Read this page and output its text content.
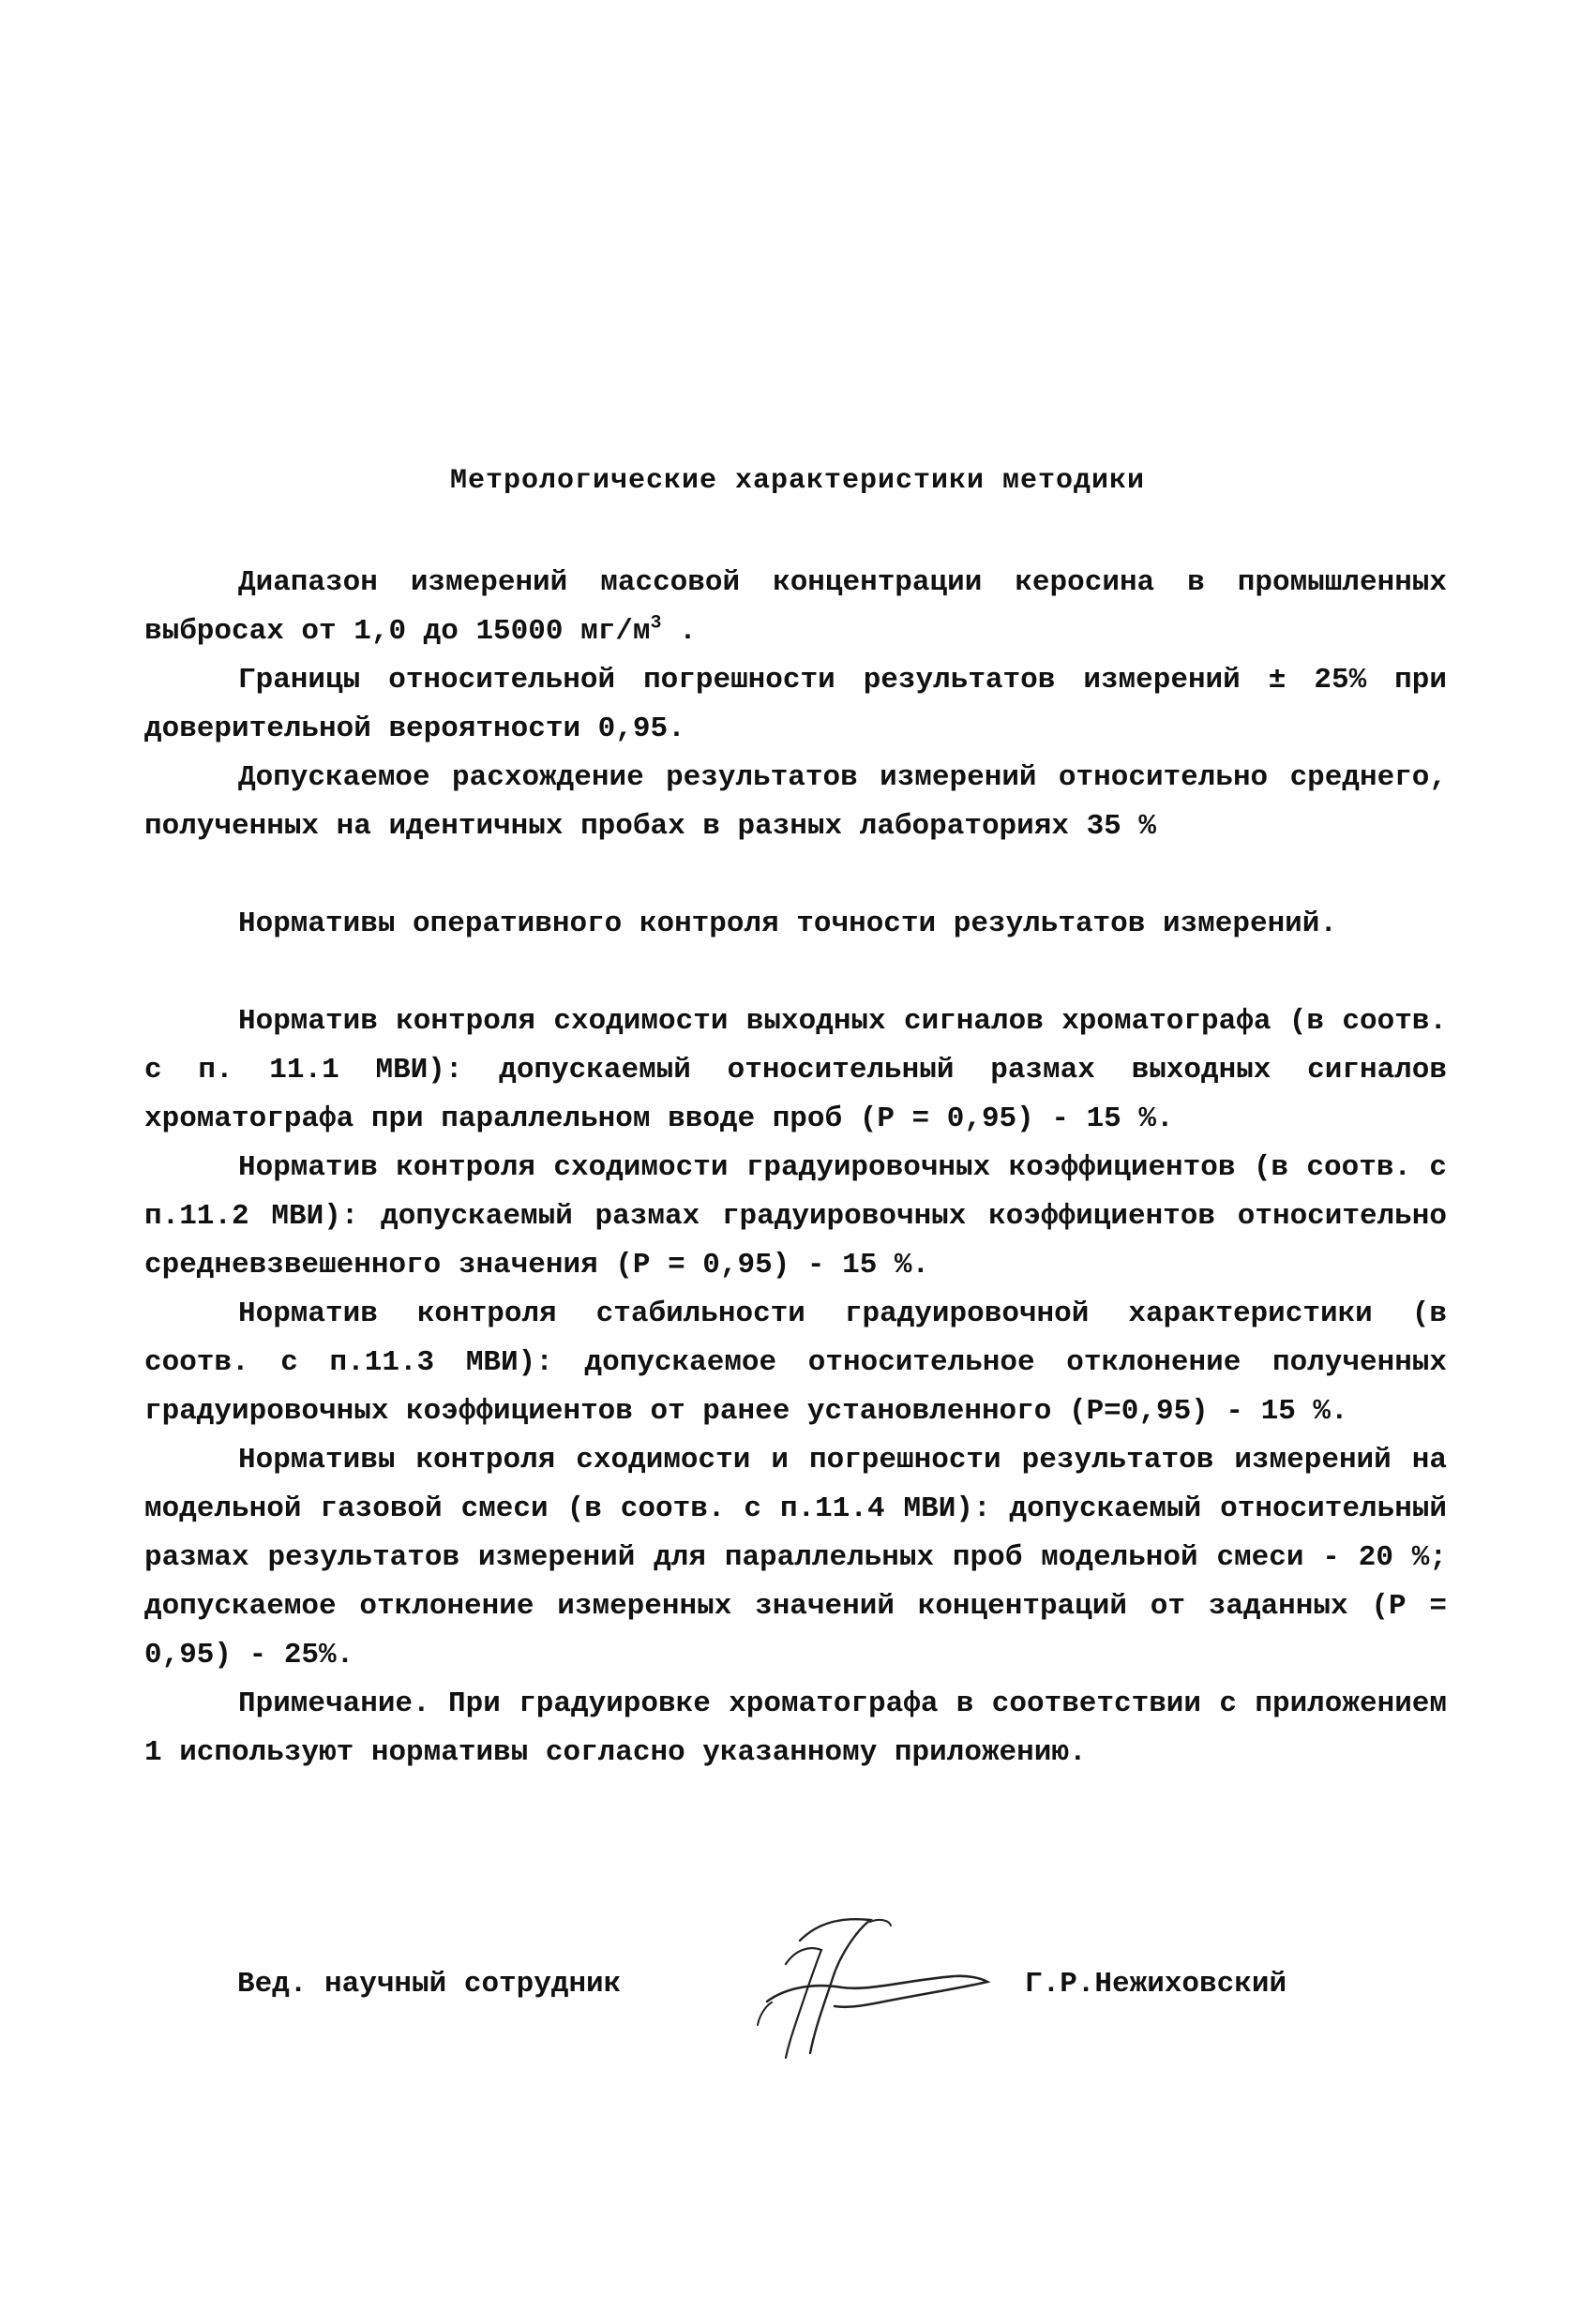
Метрологические характеристики методики

Диапазон измерений массовой концентрации керосина в промышленных выбросах от 1,0 до 15000 $мг/м^3$ .

Границы относительной погрешности результатов измерений ± 25% при доверительной вероятности 0,95.

Допускаемое расхождение результатов измерений относительно среднего, полученных на идентичных пробах в разных лабораториях 35 %

Нормативы оперативного контроля точности результатов измерений.

Норматив контроля сходимости выходных сигналов хроматографа (в соотв. с п. 11.1 МВИ): допускаемый относительный размах выходных сигналов хроматографа при параллельном вводе проб (Р = 0,95) - 15 %.

Норматив контроля сходимости градуировочных коэффициентов (в соотв. с п.11.2 МВИ): допускаемый размах градуировочных коэффициентов относительно средневзвешенного значения (Р = 0,95) - 15 %.

Норматив контроля стабильности градуировочной характеристики (в соотв. с п.11.3 МВИ): допускаемое относительное отклонение полученных градуировочных коэффициентов от ранее установленного (Р=0,95) - 15 %.

Нормативы контроля сходимости и погрешности результатов измерений на модельной газовой смеси (в соотв. с п.11.4 МВИ): допускаемый относительный размах результатов измерений для параллельных проб модельной смеси - 20 %; допускаемое отклонение измеренных значений концентраций от заданных (Р = 0,95) - 25%.

Примечание. При градуировке хроматографа в соответствии с приложением 1 используют нормативы согласно указанному приложению.

Вед. научный сотрудник	Г.Р.Нежиховский
